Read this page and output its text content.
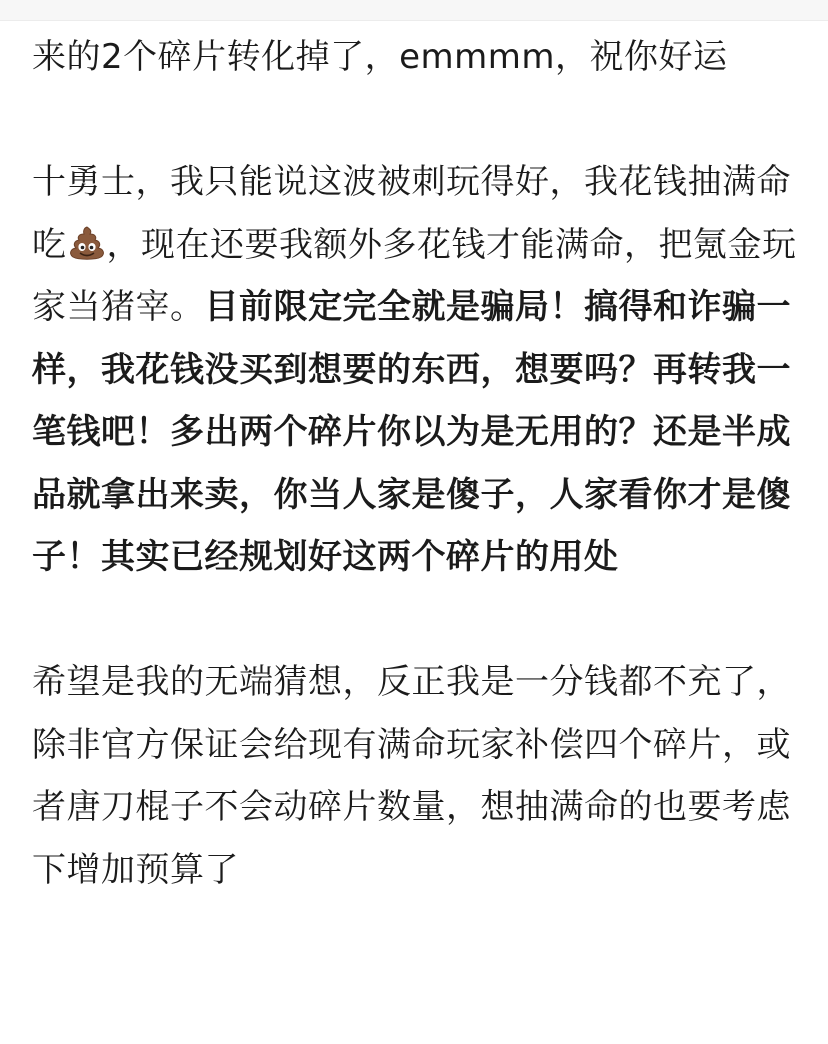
来的2个碎片转化掉了，emmmm，祝你好运

十勇士，我只能说这波被刺玩得好，我花钱抽满命吃 ，现在还要我额外多花钱才能满命，把氪金玩家当猪宰。目前限定完全就是骗局！搞得和诈骗一样，我花钱没买到想要的东西，想要吗？再转我一笔钱吧！多出两个碎片你以为是无用的？还是半成品就拿出来卖，你当人家是傻子，人家看你才是傻子！其实已经规划好这两个碎片的用处

希望是我的无端猜想，反正我是一分钱都不充了，除非官方保证会给现有满命玩家补偿四个碎片，或者唐刀棍子不会动碎片数量，想抽满命的也要考虑下增加预算了
